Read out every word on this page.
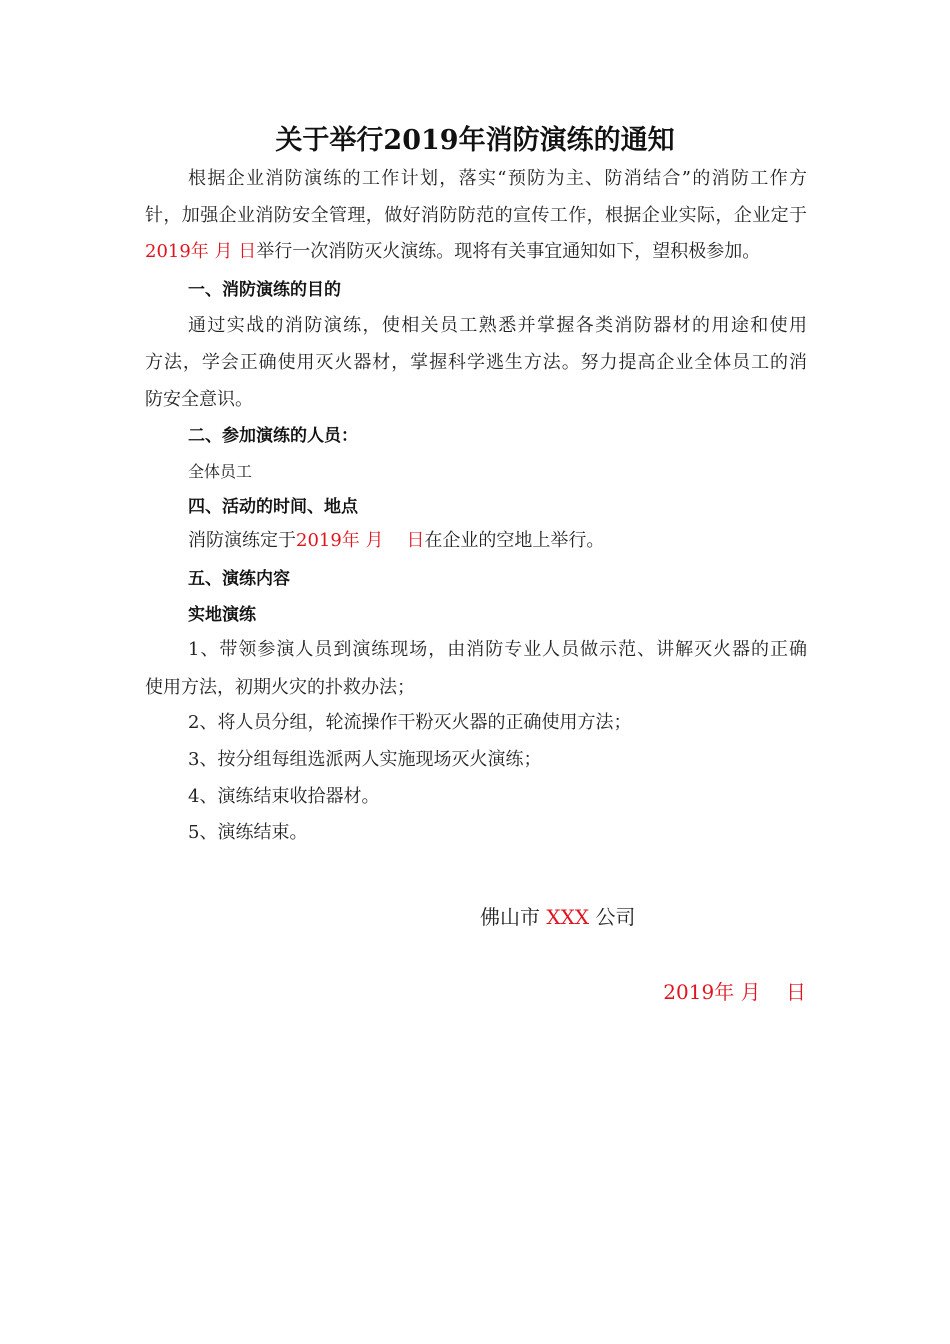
关于举行2019年消防演练的通知
根据企业消防演练的工作计划，落实“预防为主、防消结合”的消防工作方
针，加强企业消防安全管理，做好消防防范的宣传工作，根据企业实际，企业定于
2019年 月 日举行一次消防灭火演练。现将有关事宜通知如下，望积极参加。
一、消防演练的目的
通过实战的消防演练，使相关员工熟悉并掌握各类消防器材的用途和使用
方法，学会正确使用灭火器材，掌握科学逃生方法。努力提高企业全体员工的消
防安全意识。
二、参加演练的人员：
全体员工
四、活动的时间、地点
消防演练定于2019年 月 日在企业的空地上举行。
五、演练内容
实地演练
1、带领参演人员到演练现场，由消防专业人员做示范、讲解灭火器的正确
使用方法，初期火灾的扑救办法；
2、将人员分组，轮流操作干粉灭火器的正确使用方法；
3、按分组每组选派两人实施现场灭火演练；
4、演练结束收拾器材。
5、演练结束。
佛山市 XXX 公司
2019年 月 日
